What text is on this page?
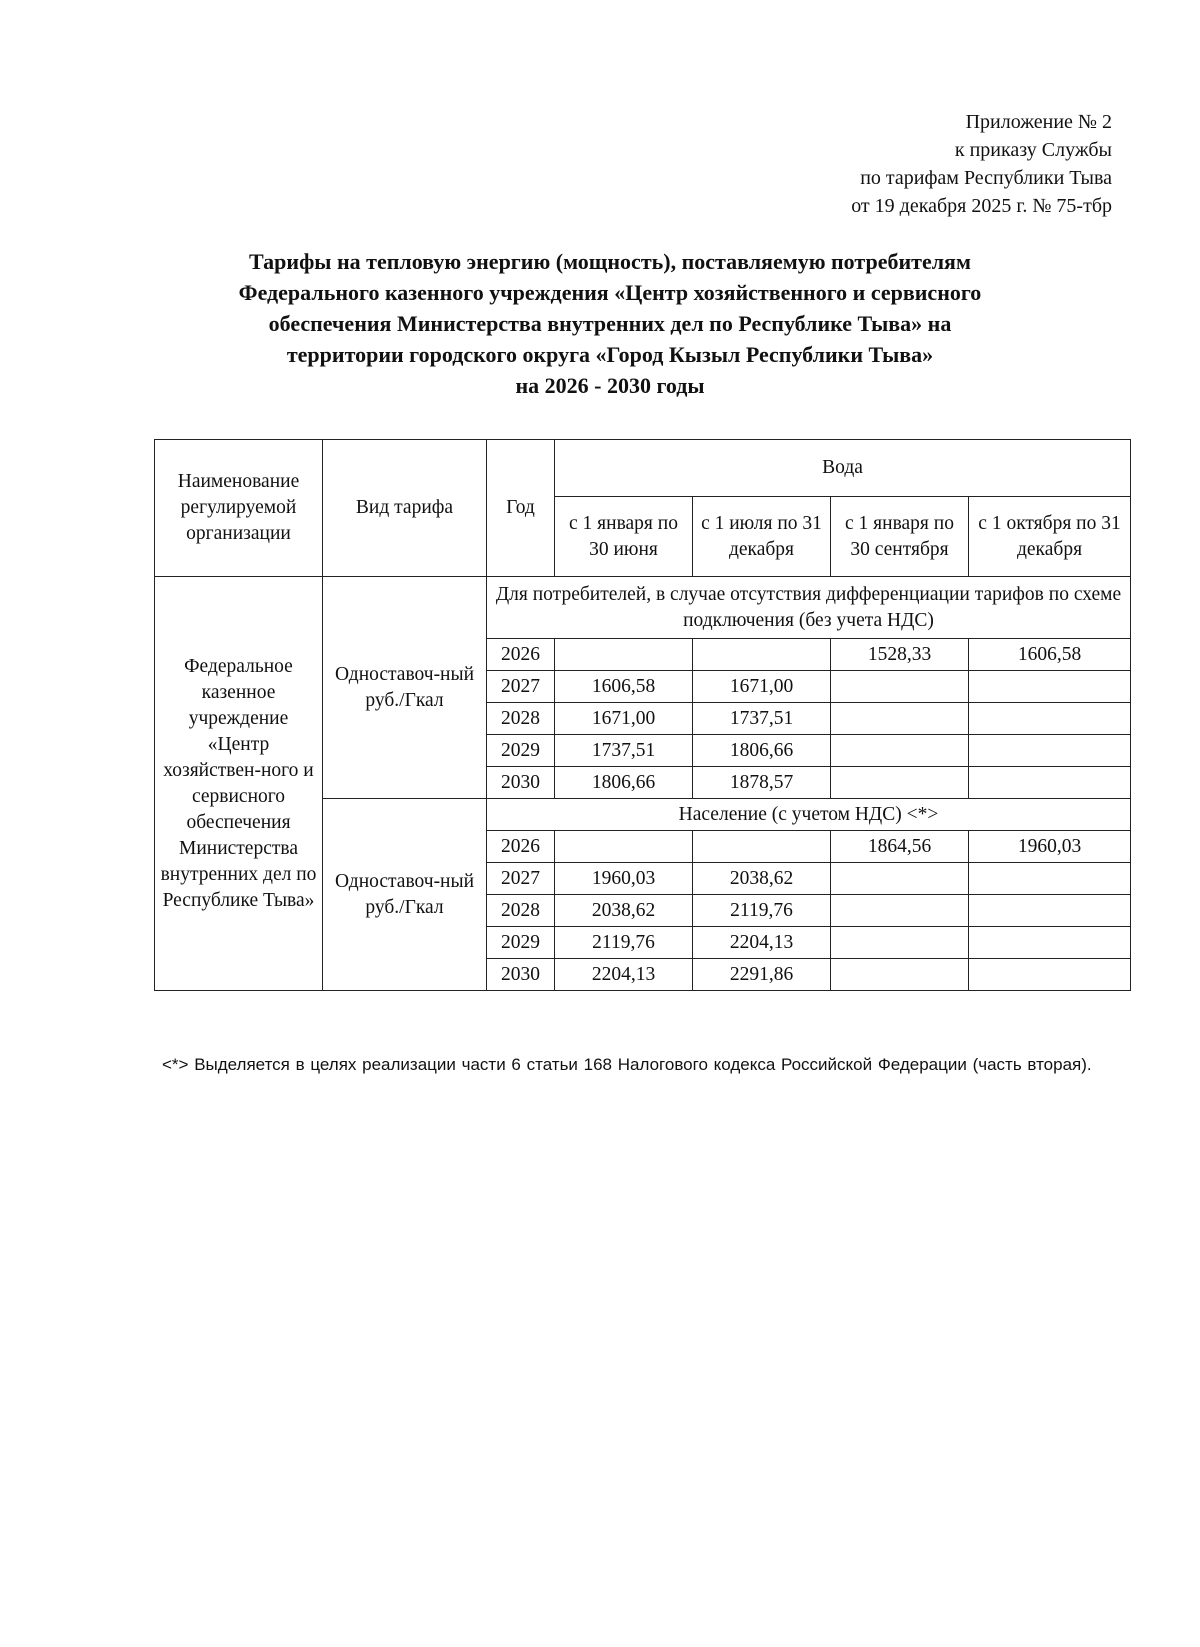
Приложение № 2
к приказу Службы
по тарифам Республики Тыва
от 19 декабря 2025 г. № 75-тбр
Тарифы на тепловую энергию (мощность), поставляемую потребителям
Федерального казенного учреждения «Центр хозяйственного и сервисного
обеспечения Министерства внутренних дел по Республике Тыва» на
территории городского округа «Город Кызыл Республики Тыва»
на 2026 - 2030 годы
Наименование регулируемой организации	Вид тарифа	Год	Вода			
			с 1 января по 30 июня	с 1 июля по 31 декабря	с 1 января по 30 сентября	с 1 октября по 31 декабря
Федеральное казенное учреждение «Центр хозяйствен-ного и сервисного обеспечения Министерства внутренних дел по Республике Тыва»	Одноставоч-ный руб./Гкал	Для потребителей, в случае отсутствия дифференциации тарифов по схеме подключения (без учета НДС)				
		2026			1528,33	1606,58
		2027	1606,58	1671,00		
		2028	1671,00	1737,51		
		2029	1737,51	1806,66		
		2030	1806,66	1878,57		
	Одноставоч-ный руб./Гкал	Население (с учетом НДС) <*>				
		2026			1864,56	1960,03
		2027	1960,03	2038,62		
		2028	2038,62	2119,76		
		2029	2119,76	2204,13		
		2030	2204,13	2291,86		
<*> Выделяется в целях реализации части 6 статьи 168 Налогового кодекса Российской Федерации (часть вторая).
